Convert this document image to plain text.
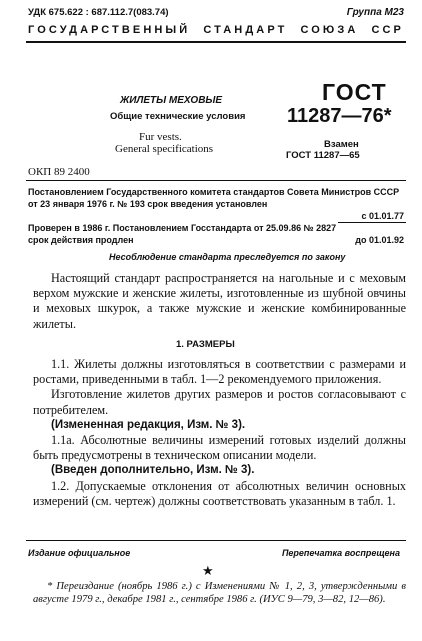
УДК 675.622 : 687.112.7(083.74)	Группа М23
ГОСУДАРСТВЕННЫЙ СТАНДАРТ СОЮЗА ССР
ЖИЛЕТЫ МЕХОВЫЕ
Общие технические условия
Fur vests.
General specifications
ГОСТ
11287—76*
Взамен
ГОСТ 11287—65
ОКП 89 2400
Постановлением Государственного комитета стандартов Совета Министров СССР
от 23 января 1976 г. № 193 срок введения установлен
с 01.01.77
Проверен в 1986 г. Постановлением Госстандарта от 25.09.86 № 2827
срок действия продлен	до 01.01.92
Несоблюдение стандарта преследуется по закону
Настоящий стандарт распространяется на нагольные и с меховым верхом мужские и женские жилеты, изготовленные из шубной овчины и меховых шкурок, а также мужские и женские комбинированные жилеты.
1. РАЗМЕРЫ

1.1. Жилеты должны изготовляться в соответствии с размерами и ростами, приведенными в табл. 1—2 рекомендуемого приложения.

Изготовление жилетов других размеров и ростов согласовывают с потребителем.

(Измененная редакция, Изм. № 3).

1.1а. Абсолютные величины измерений готовых изделий должны быть предусмотрены в техническом описании модели.

(Введен дополнительно, Изм. № 3).

1.2. Допускаемые отклонения от абсолютных величин основных измерений (см. чертеж) должны соответствовать указанным в табл. 1.

Издание официальное	Перепечатка воспрещена
★
* Переиздание (ноябрь 1986 г.) с Изменениями № 1, 2, 3, утвержденными в августе 1979 г., декабре 1981 г., сентябре 1986 г. (ИУС 9—79, 3—82, 12—86).
